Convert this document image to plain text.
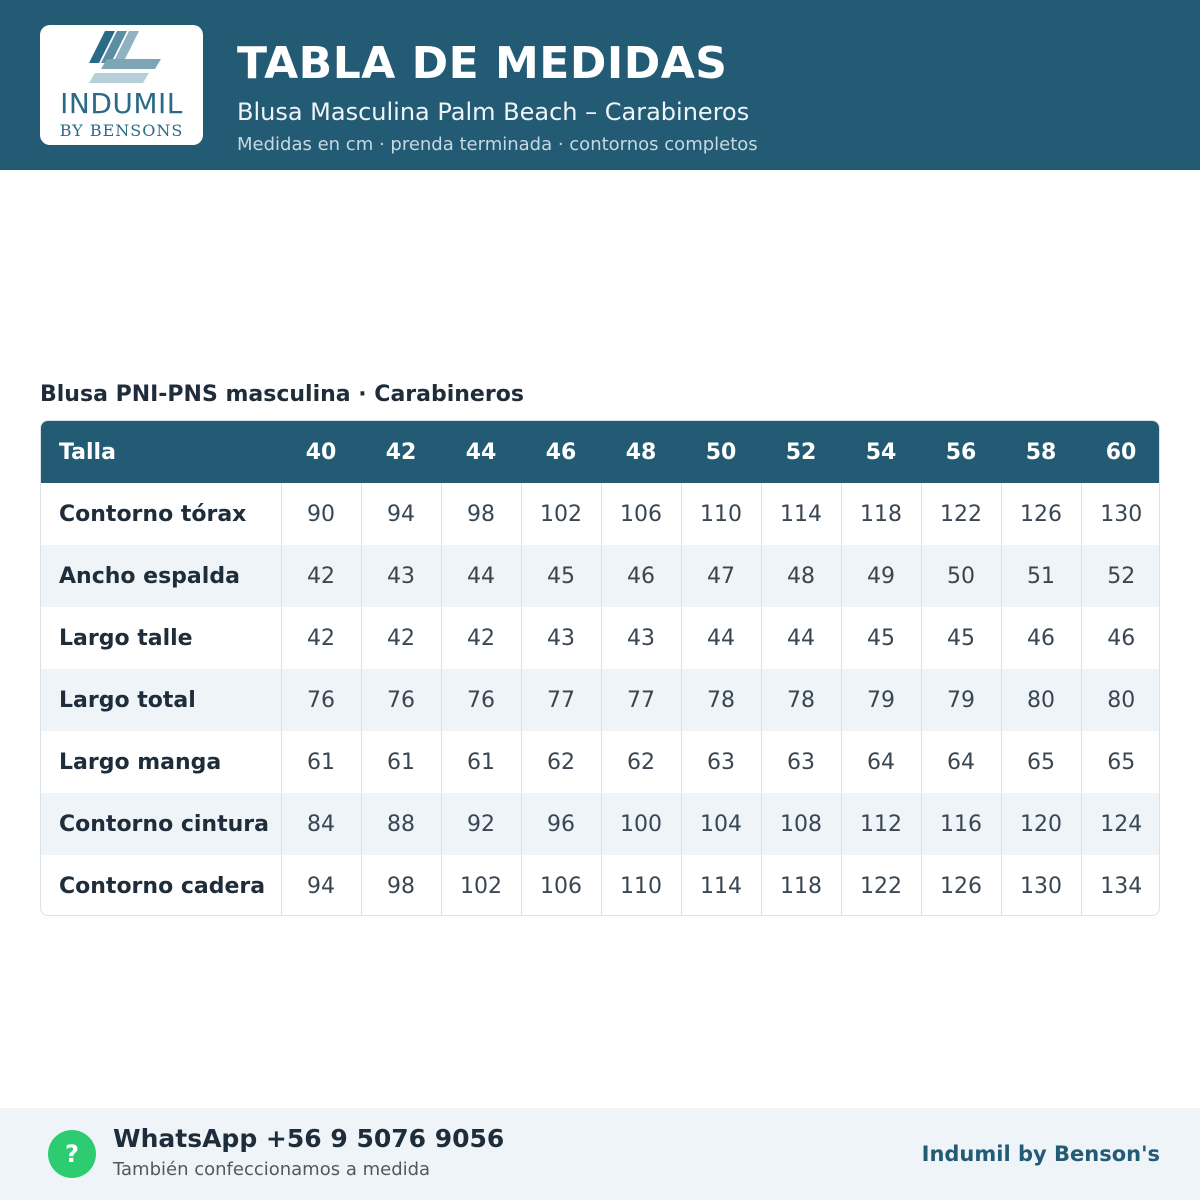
INDUMIL
BY BENSONS
TABLA DE MEDIDAS
Blusa Masculina Palm Beach – Carabineros
Medidas en cm · prenda terminada · contornos completos
Blusa PNI-PNS masculina · Carabineros
Talla	40	42	44	46	48	50	52	54	56	58	60
Contorno tórax	90	94	98	102	106	110	114	118	122	126	130
Ancho espalda	42	43	44	45	46	47	48	49	50	51	52
Largo talle	42	42	42	43	43	44	44	45	45	46	46
Largo total	76	76	76	77	77	78	78	79	79	80	80
Largo manga	61	61	61	62	62	63	63	64	64	65	65
Contorno cintura	84	88	92	96	100	104	108	112	116	120	124
Contorno cadera	94	98	102	106	110	114	118	122	126	130	134
?
WhatsApp +56 9 5076 9056
También confeccionamos a medida
Indumil by Benson's
